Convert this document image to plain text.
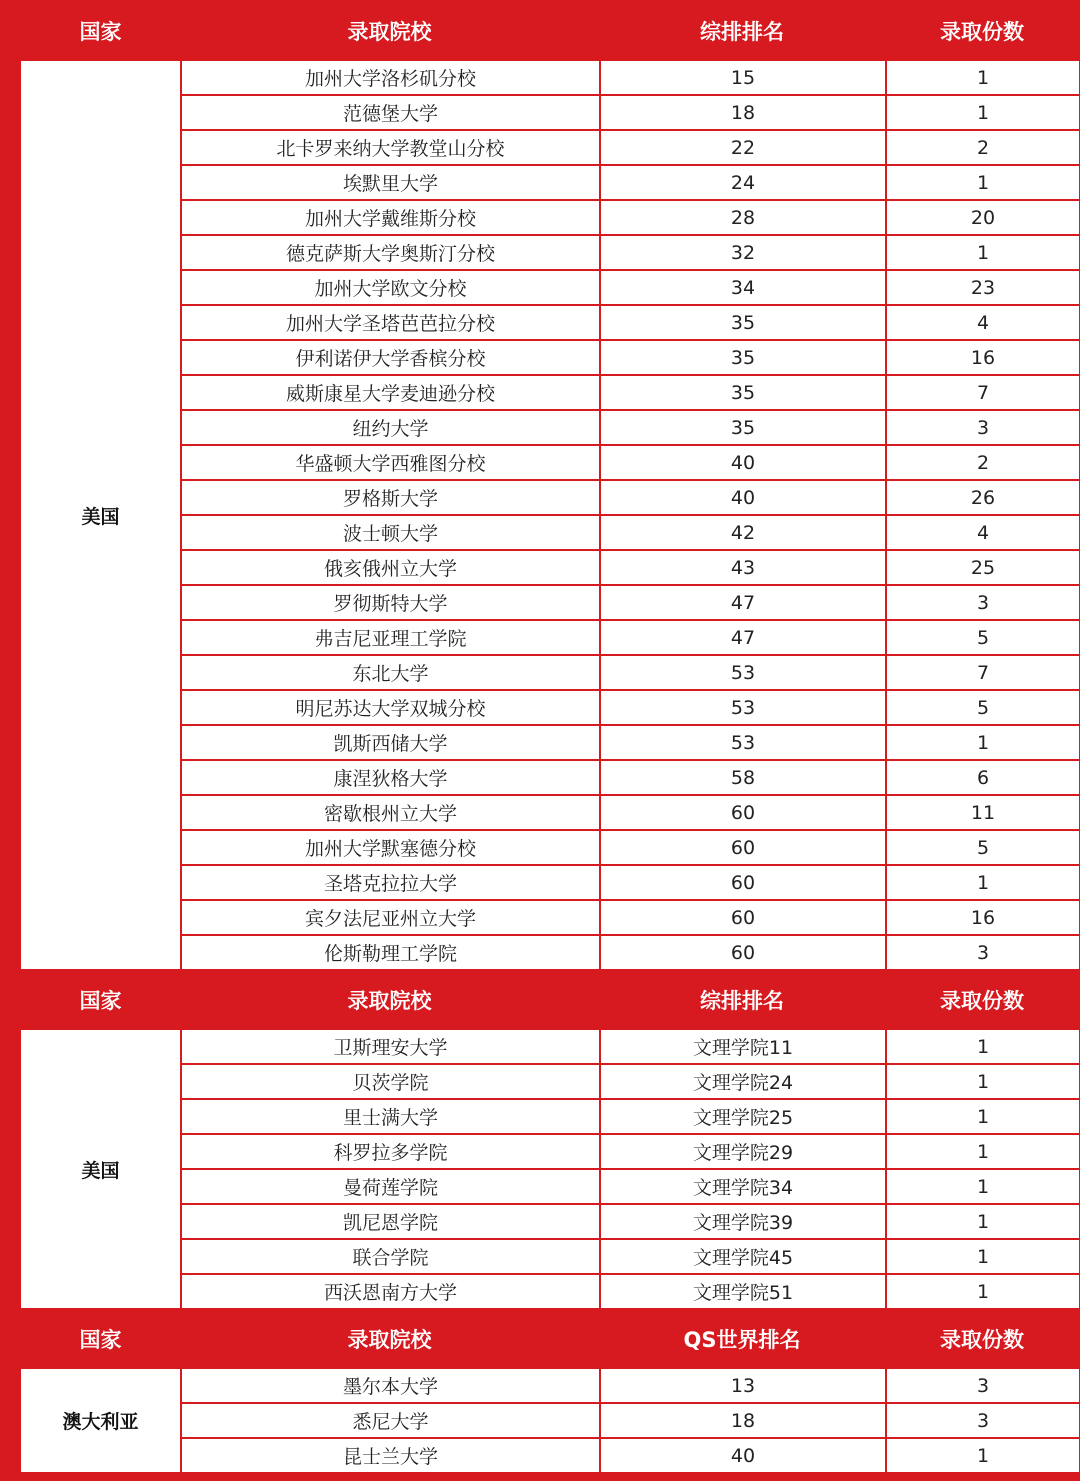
国家	录取院校	综排排名	录取份数
美国
加州大学洛杉矶分校	15	1
范德堡大学	18	1
北卡罗来纳大学教堂山分校	22	2
埃默里大学	24	1
加州大学戴维斯分校	28	20
德克萨斯大学奥斯汀分校	32	1
加州大学欧文分校	34	23
加州大学圣塔芭芭拉分校	35	4
伊利诺伊大学香槟分校	35	16
威斯康星大学麦迪逊分校	35	7
纽约大学	35	3
华盛顿大学西雅图分校	40	2
罗格斯大学	40	26
波士顿大学	42	4
俄亥俄州立大学	43	25
罗彻斯特大学	47	3
弗吉尼亚理工学院	47	5
东北大学	53	7
明尼苏达大学双城分校	53	5
凯斯西储大学	53	1
康涅狄格大学	58	6
密歇根州立大学	60	11
加州大学默塞德分校	60	5
圣塔克拉拉大学	60	1
宾夕法尼亚州立大学	60	16
伦斯勒理工学院	60	3
国家	录取院校	综排排名	录取份数
美国
卫斯理安大学	文理学院11	1
贝茨学院	文理学院24	1
里士满大学	文理学院25	1
科罗拉多学院	文理学院29	1
曼荷莲学院	文理学院34	1
凯尼恩学院	文理学院39	1
联合学院	文理学院45	1
西沃恩南方大学	文理学院51	1
国家	录取院校	QS世界排名	录取份数
澳大利亚
墨尔本大学	13	3
悉尼大学	18	3
昆士兰大学	40	1
